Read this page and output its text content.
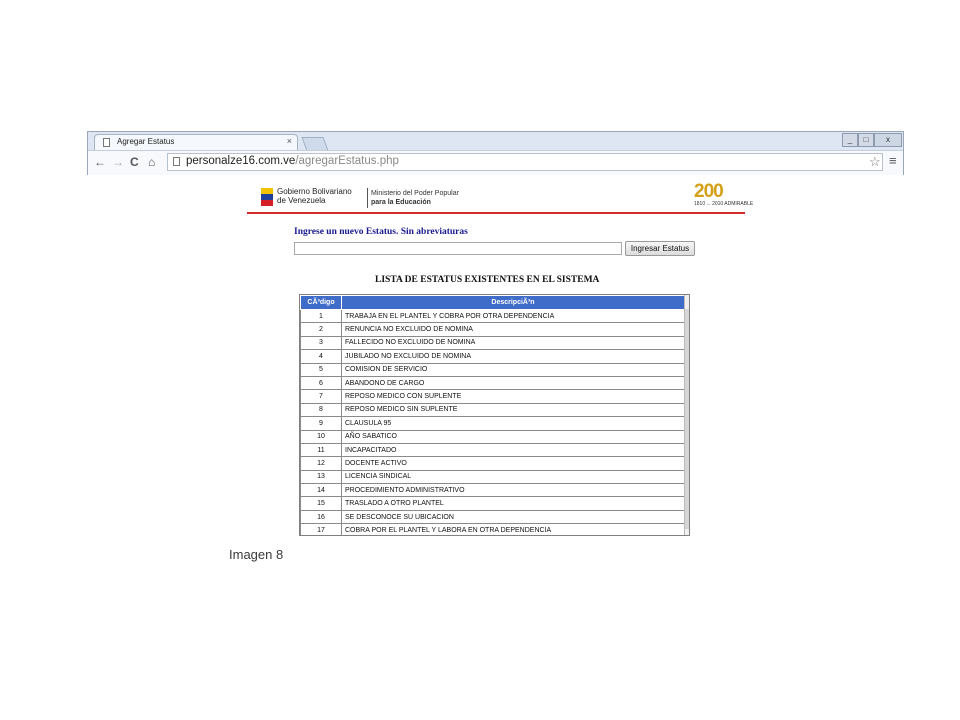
Agregar Estatus	×	_	□	x
← → C ⌂	personalze16.com.ve/agregarEstatus.php	☆ ≡
Gobierno Bolivariano
de Venezuela
Ministerio del Poder Popular
para la Educación
200
1810 ... 2010 ADMIRABLE
Ingrese un nuevo Estatus. Sin abreviaturas
Ingresar Estatus
LISTA DE ESTATUS EXISTENTES EN EL SISTEMA
CÃ³digo	DescripciÃ³n
1	TRABAJA EN EL PLANTEL Y COBRA POR OTRA DEPENDENCIA
2	RENUNCIA NO EXCLUIDO DE NOMINA
3	FALLECIDO NO EXCLUIDO DE NOMINA
4	JUBILADO NO EXCLUIDO DE NOMINA
5	COMISION DE SERVICIO
6	ABANDONO DE CARGO
7	REPOSO MEDICO CON SUPLENTE
8	REPOSO MEDICO SIN SUPLENTE
9	CLAUSULA 95
10	AÑO SABATICO
11	INCAPACITADO
12	DOCENTE ACTIVO
13	LICENCIA SINDICAL
14	PROCEDIMIENTO ADMINISTRATIVO
15	TRASLADO A OTRO PLANTEL
16	SE DESCONOCE SU UBICACION
17	COBRA POR EL PLANTEL Y LABORA EN OTRA DEPENDENCIA
Imagen 8
